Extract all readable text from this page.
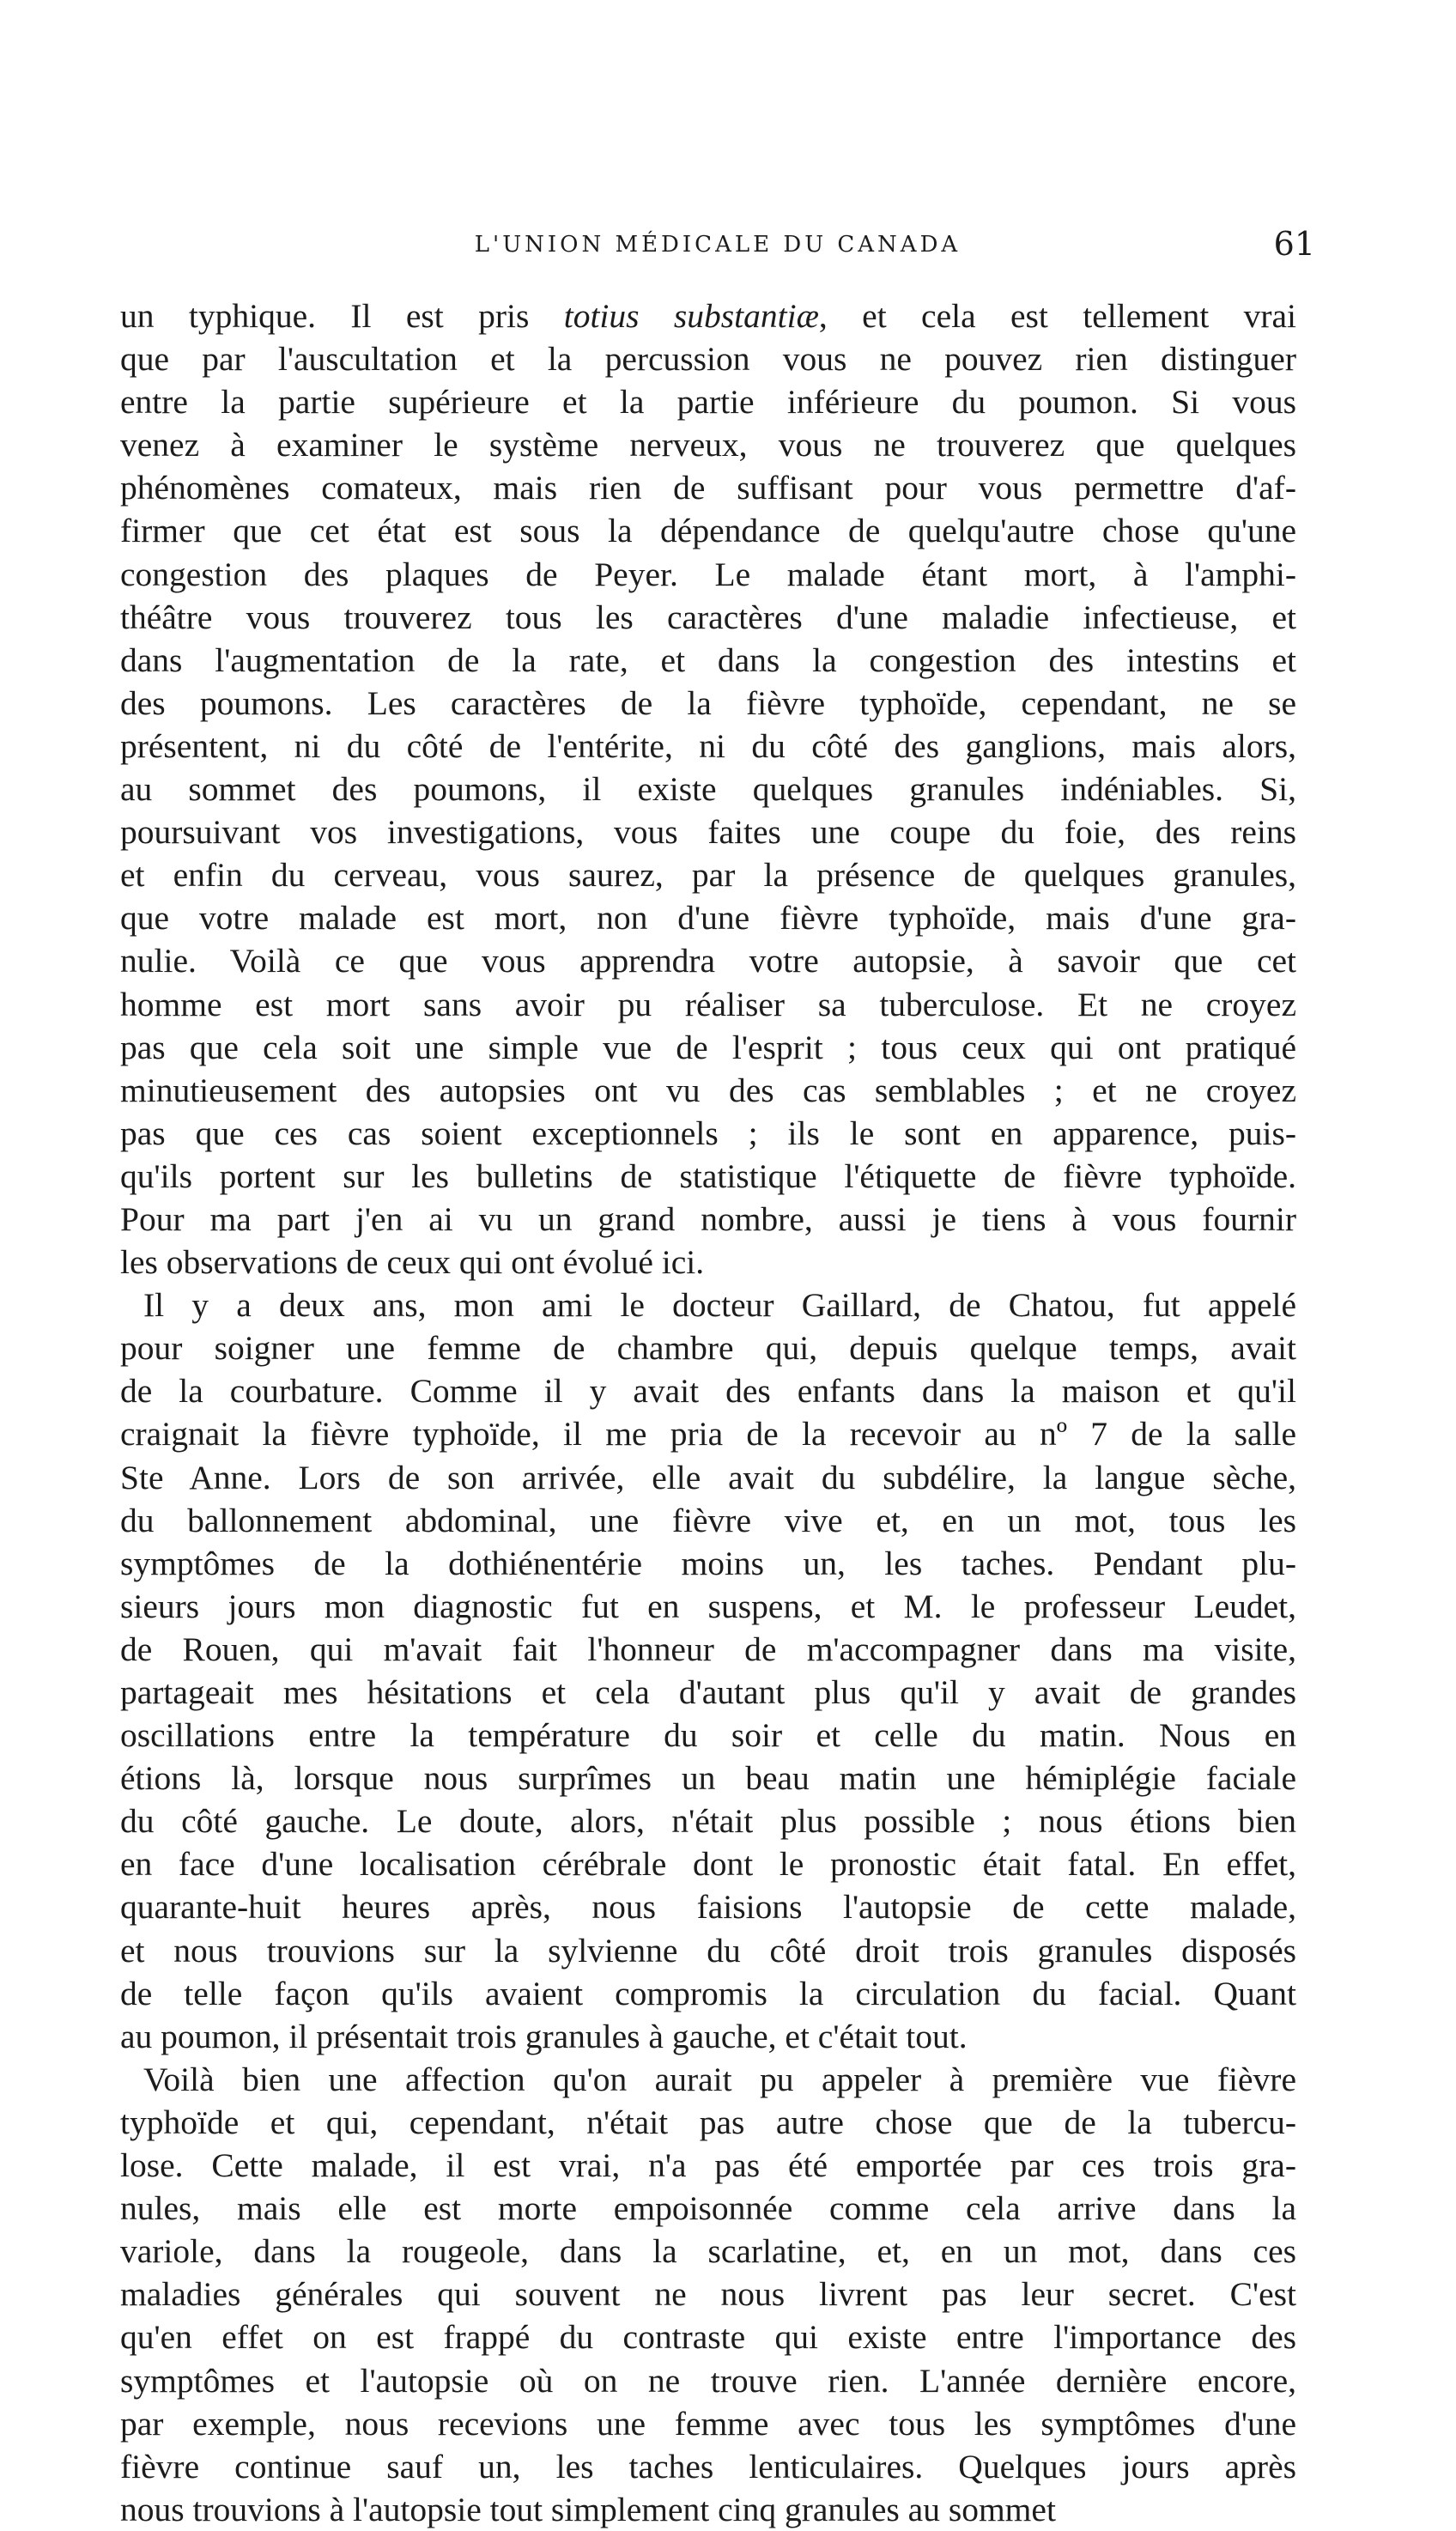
L'UNION MÉDICALE DU CANADA	61
un typhique. Il est pris totius substantiæ, et cela est tellement vrai
que par l'auscultation et la percussion vous ne pouvez rien distinguer
entre la partie supérieure et la partie inférieure du poumon. Si vous
venez à examiner le système nerveux, vous ne trouverez que quelques
phénomènes comateux, mais rien de suffisant pour vous permettre d'af-
firmer que cet état est sous la dépendance de quelqu'autre chose qu'une
congestion des plaques de Peyer. Le malade étant mort, à l'amphi-
théâtre vous trouverez tous les caractères d'une maladie infectieuse, et
dans l'augmentation de la rate, et dans la congestion des intestins et
des poumons. Les caractères de la fièvre typhoïde, cependant, ne se
présentent, ni du côté de l'entérite, ni du côté des ganglions, mais alors,
au sommet des poumons, il existe quelques granules indéniables. Si,
poursuivant vos investigations, vous faites une coupe du foie, des reins
et enfin du cerveau, vous saurez, par la présence de quelques granules,
que votre malade est mort, non d'une fièvre typhoïde, mais d'une gra-
nulie. Voilà ce que vous apprendra votre autopsie, à savoir que cet
homme est mort sans avoir pu réaliser sa tuberculose. Et ne croyez
pas que cela soit une simple vue de l'esprit ; tous ceux qui ont pratiqué
minutieusement des autopsies ont vu des cas semblables ; et ne croyez
pas que ces cas soient exceptionnels ; ils le sont en apparence, puis-
qu'ils portent sur les bulletins de statistique l'étiquette de fièvre typhoïde.
Pour ma part j'en ai vu un grand nombre, aussi je tiens à vous fournir
les observations de ceux qui ont évolué ici.
Il y a deux ans, mon ami le docteur Gaillard, de Chatou, fut appelé
pour soigner une femme de chambre qui, depuis quelque temps, avait
de la courbature. Comme il y avait des enfants dans la maison et qu'il
craignait la fièvre typhoïde, il me pria de la recevoir au nº 7 de la salle
Ste Anne. Lors de son arrivée, elle avait du subdélire, la langue sèche,
du ballonnement abdominal, une fièvre vive et, en un mot, tous les
symptômes de la dothiénentérie moins un, les taches. Pendant plu-
sieurs jours mon diagnostic fut en suspens, et M. le professeur Leudet,
de Rouen, qui m'avait fait l'honneur de m'accompagner dans ma visite,
partageait mes hésitations et cela d'autant plus qu'il y avait de grandes
oscillations entre la température du soir et celle du matin. Nous en
étions là, lorsque nous surprîmes un beau matin une hémiplégie faciale
du côté gauche. Le doute, alors, n'était plus possible ; nous étions bien
en face d'une localisation cérébrale dont le pronostic était fatal. En effet,
quarante-huit heures après, nous faisions l'autopsie de cette malade,
et nous trouvions sur la sylvienne du côté droit trois granules disposés
de telle façon qu'ils avaient compromis la circulation du facial. Quant
au poumon, il présentait trois granules à gauche, et c'était tout.
Voilà bien une affection qu'on aurait pu appeler à première vue fièvre
typhoïde et qui, cependant, n'était pas autre chose que de la tubercu-
lose. Cette malade, il est vrai, n'a pas été emportée par ces trois gra-
nules, mais elle est morte empoisonnée comme cela arrive dans la
variole, dans la rougeole, dans la scarlatine, et, en un mot, dans ces
maladies générales qui souvent ne nous livrent pas leur secret. C'est
qu'en effet on est frappé du contraste qui existe entre l'importance des
symptômes et l'autopsie où on ne trouve rien. L'année dernière encore,
par exemple, nous recevions une femme avec tous les symptômes d'une
fièvre continue sauf un, les taches lenticulaires. Quelques jours après
nous trouvions à l'autopsie tout simplement cinq granules au sommet
